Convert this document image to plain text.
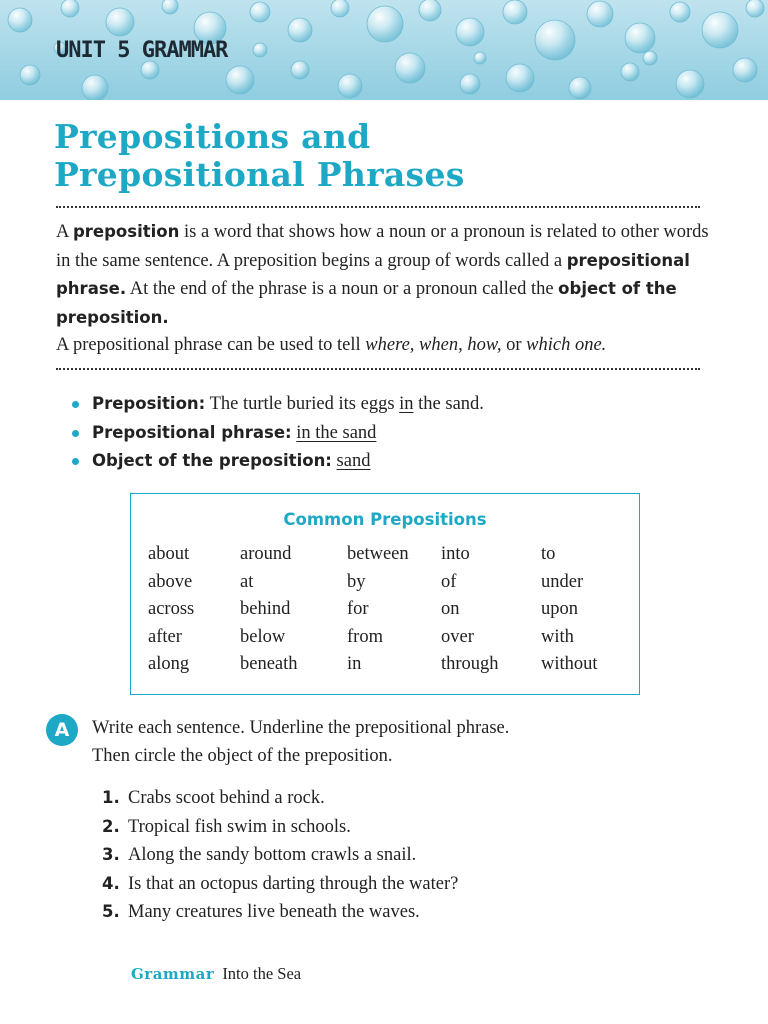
UNIT 5 GRAMMAR
Prepositions and
Prepositional Phrases
A preposition is a word that shows how a noun or a pronoun is related to other words in the same sentence. A preposition begins a group of words called a prepositional phrase. At the end of the phrase is a noun or a pronoun called the object of the preposition.
A prepositional phrase can be used to tell where, when, how, or which one.
Preposition: The turtle buried its eggs in the sand.
Prepositional phrase: in the sand
Object of the preposition: sand
Common Prepositions
about
above
across
after
along
around
at
behind
below
beneath
between
by
for
from
in
into
of
on
over
through
to
under
upon
with
without
A	Write each sentence. Underline the prepositional phrase.
Then circle the object of the preposition.
1. Crabs scoot behind a rock.
2. Tropical fish swim in schools.
3. Along the sandy bottom crawls a snail.
4. Is that an octopus darting through the water?
5. Many creatures live beneath the waves.
Grammar Into the Sea
